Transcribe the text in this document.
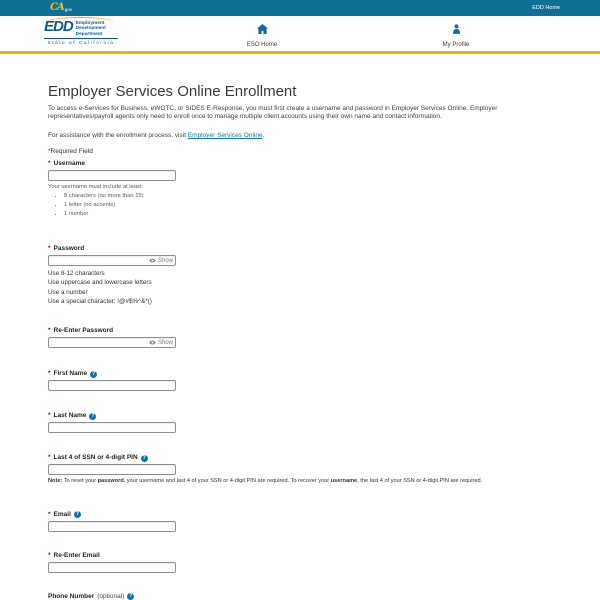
CA gov	EDD Home
EDD Employment
Development
Department
State of California	ESO Home	My Profile
Employer Services Online Enrollment

To access e-Services for Business, eWOTC, or SIDES E-Response, you must first create a username and password in Employer Services Online. Employer representatives/payroll agents only need to enroll once to manage multiple client accounts using their own name and contact information.

For assistance with the enrollment process, visit Employer Services Online.

*Required Field

* Username
Your username must include at least:
• 8 characters (no more than 15)
• 1 letter (no accents)
• 1 number
* Password
Show
Use 8-12 characters
Use uppercase and lowercase letters
Use a number
Use a special character: !@#$%^&*()
* Re-Enter Password
Show
* First Name ?
* Last Name ?
* Last 4 of SSN or 4-digit PIN ?

Note: To reset your password, your username and last 4 of your SSN or 4-digit PIN are required. To recover your username, the last 4 of your SSN or 4-digit PIN are required.

* Email ?
* Re-Enter Email
Phone Number (optional) ?
